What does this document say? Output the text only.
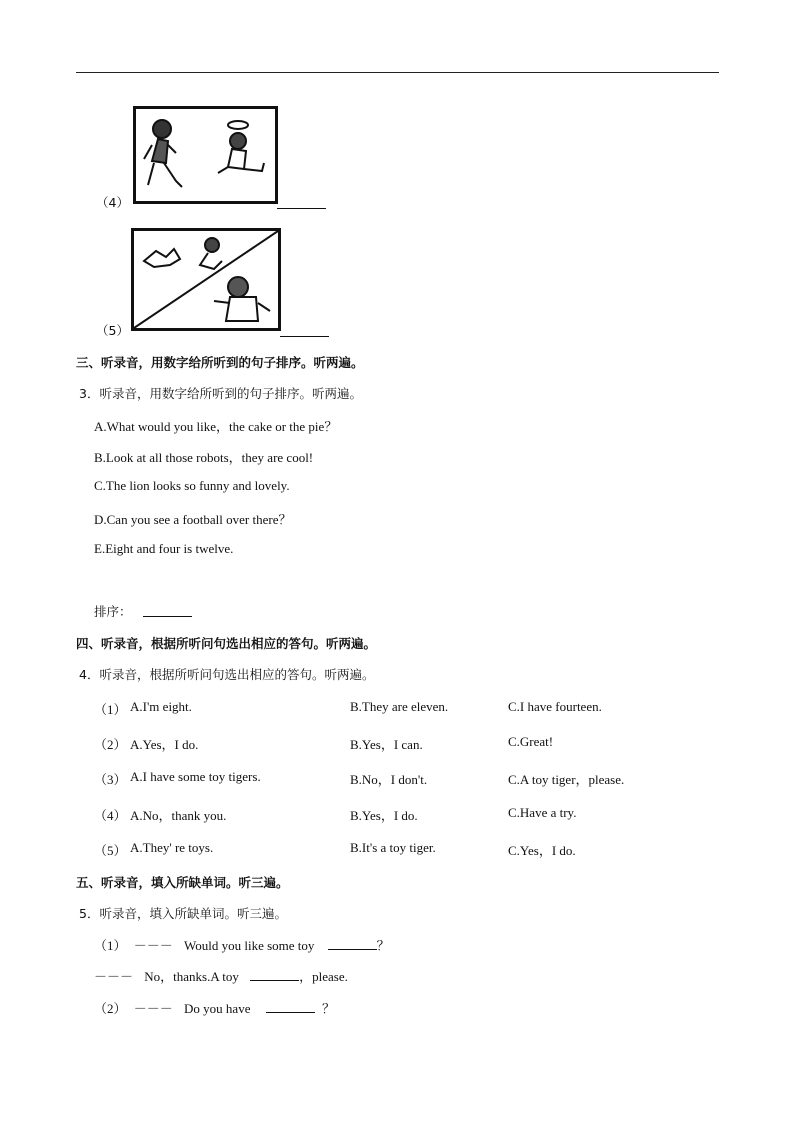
（4）
（5）
三、听录音，用数字给所听到的句子排序。听两遍。
3．听录音，用数字给所听到的句子排序。听两遍。
A.What would you like，the cake or the pie？
B.Look at all those robots，they are cool!
C.The lion looks so funny and lovely.
D.Can you see a football over there？
E.Eight and four is twelve.
排序：
四、听录音，根据所听问句选出相应的答句。听两遍。
4．听录音，根据所听问句选出相应的答句。听两遍。
（1） A.I'm eight.	B.They are eleven.	C.I have fourteen.
（2） A.Yes，I do.	B.Yes，I can.	C.Great!
（3） A.I have some toy tigers.	B.No，I don't.	C.A toy tiger，please.
（4） A.No，thank you.	B.Yes，I do.	C.Have a try.
（5） A.They' re toys.	B.It's a toy tiger.	C.Yes，I do.
五、听录音，填入所缺单词。听三遍。
5．听录音，填入所缺单词。听三遍。
（1） －－－ Would you like some toy	？
－－－ No，thanks.A toy	，please.
（2） －－－ Do you have	？
